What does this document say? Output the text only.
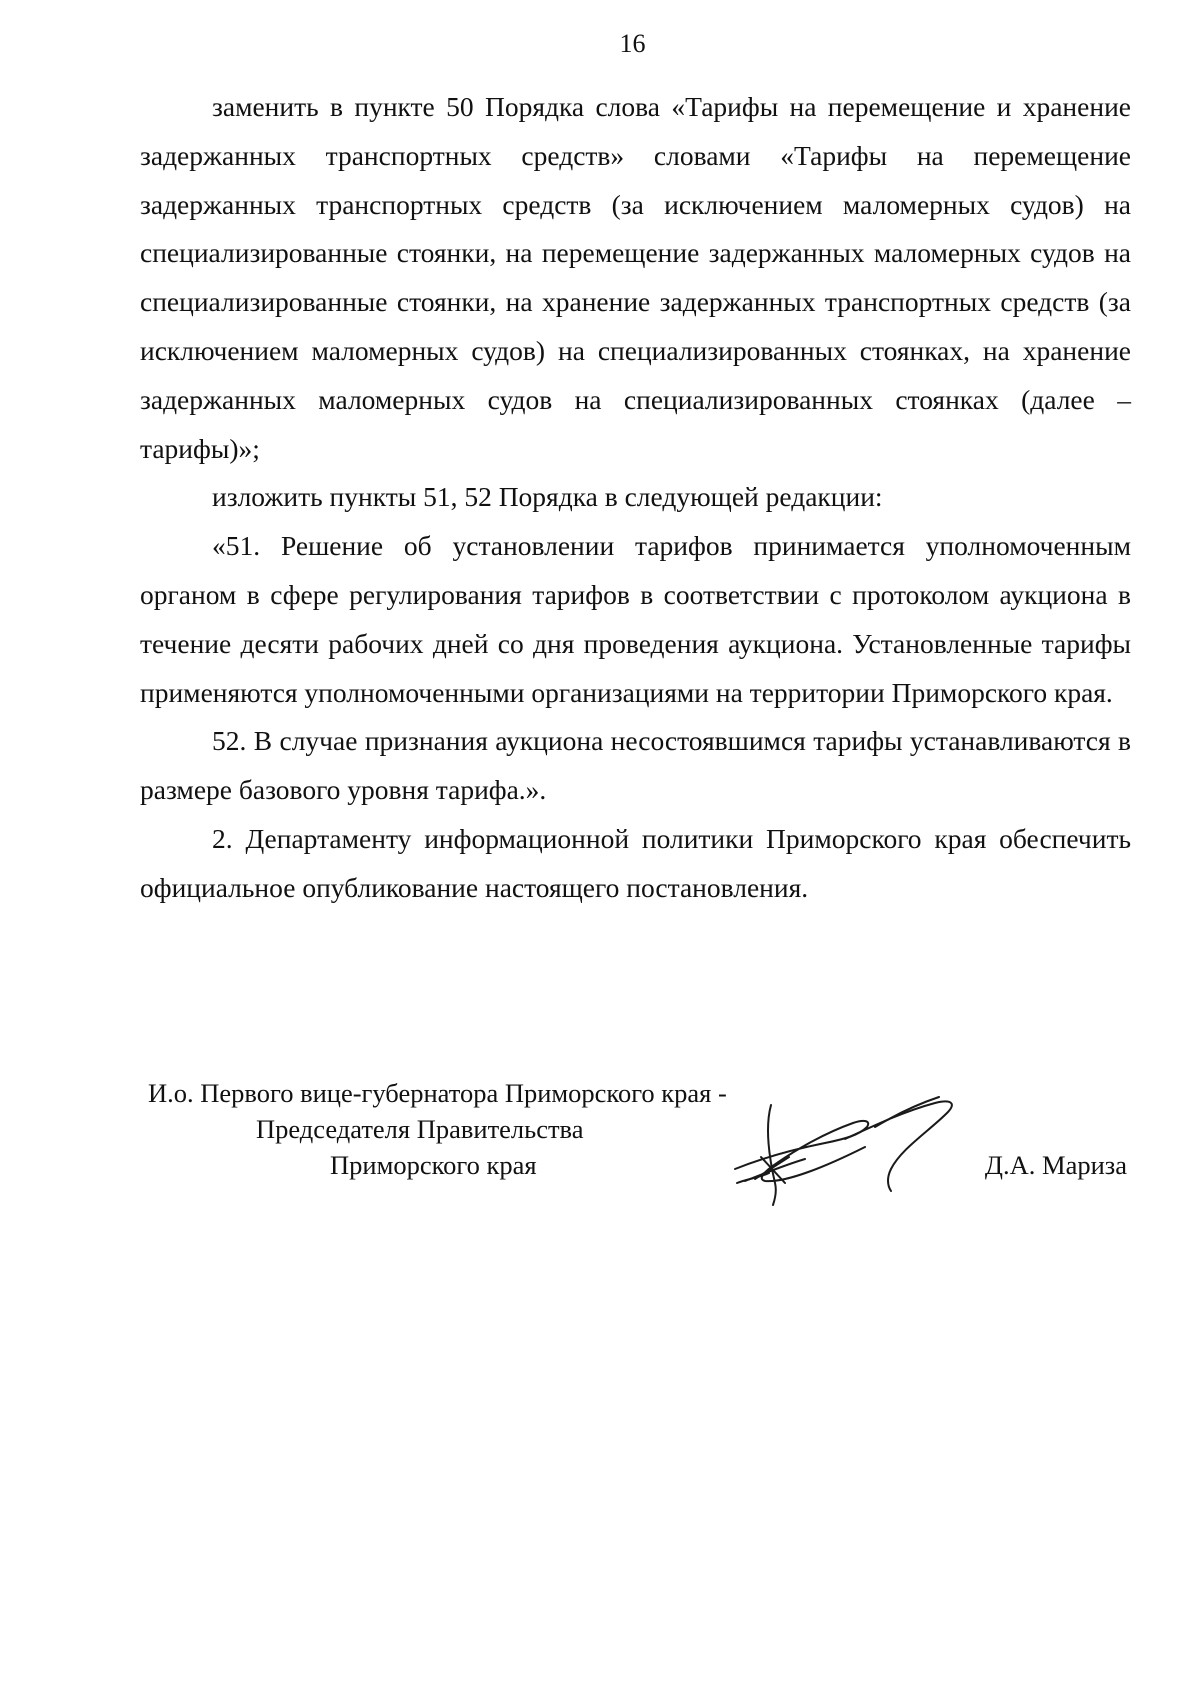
16

заменить в пункте 50 Порядка слова «Тарифы на перемещение и хранение задержанных транспортных средств» словами «Тарифы на перемещение задержанных транспортных средств (за исключением маломерных судов) на специализированные стоянки, на перемещение задержанных маломерных судов на специализированные стоянки, на хранение задержанных транспортных средств (за исключением маломерных судов) на специализированных стоянках, на хранение задержанных маломерных судов на специализированных стоянках (далее – тарифы)»;

изложить пункты 51, 52 Порядка в следующей редакции:

«51. Решение об установлении тарифов принимается уполномоченным органом в сфере регулирования тарифов в соответствии с протоколом аукциона в течение десяти рабочих дней со дня проведения аукциона. Установленные тарифы применяются уполномоченными организациями на территории Приморского края.

52. В случае признания аукциона несостоявшимся тарифы устанавливаются в размере базового уровня тарифа.».

2. Департаменту информационной политики Приморского края обеспечить официальное опубликование настоящего постановления.

И.о. Первого вице-губернатора Приморского края -
Председателя Правительства
Приморского края	Д.А. Мариза
